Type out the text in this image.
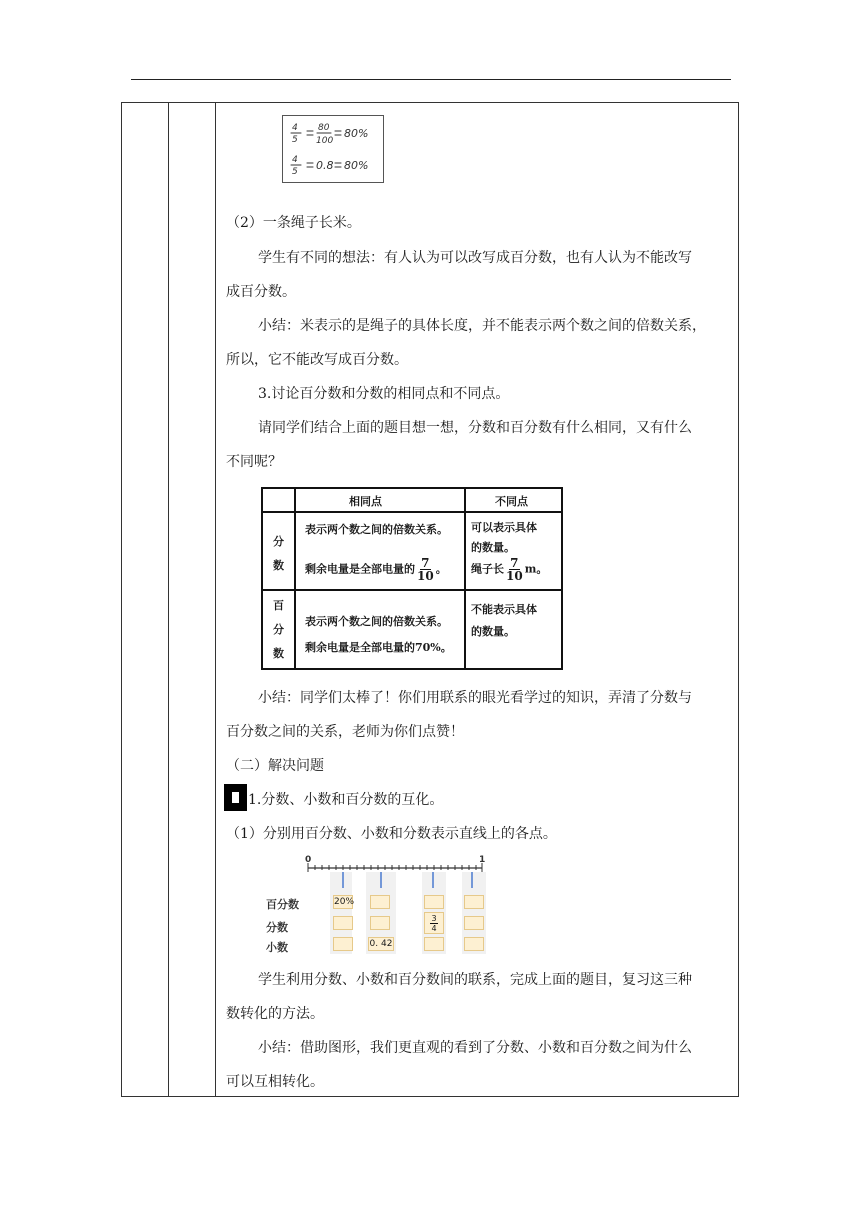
4
5
80
100
80%
4
5 0.8 80%
（2）一条绳子长米。
学生有不同的想法：有人认为可以改写成百分数，也有人认为不能改写
成百分数。
小结：米表示的是绳子的具体长度，并不能表示两个数之间的倍数关系，
所以，它不能改写成百分数。
3.讨论百分数和分数的相同点和不同点。
请同学们结合上面的题目想一想，分数和百分数有什么相同，又有什么
不同呢？
相同点	不同点
分
数
表示两个数之间的倍数关系。
剩余电量是全部电量的 $\frac{7}{10}$ 。
可以表示具体
的数量。
绳子长 $\frac{7}{10}$ m。
百
分
数
表示两个数之间的倍数关系。
剩余电量是全部电量的70%。
不能表示具体
的数量。
小结：同学们太棒了！你们用联系的眼光看学过的知识，弄清了分数与
百分数之间的关系，老师为你们点赞！
（二）解决问题
1.分数、小数和百分数的互化。
（1）分别用百分数、小数和分数表示直线上的各点。
0	1
百分数
分数
小数
20%
0. 42
$\frac{3}{4}$
学生利用分数、小数和百分数间的联系，完成上面的题目，复习这三种
数转化的方法。
小结：借助图形，我们更直观的看到了分数、小数和百分数之间为什么
可以互相转化。
